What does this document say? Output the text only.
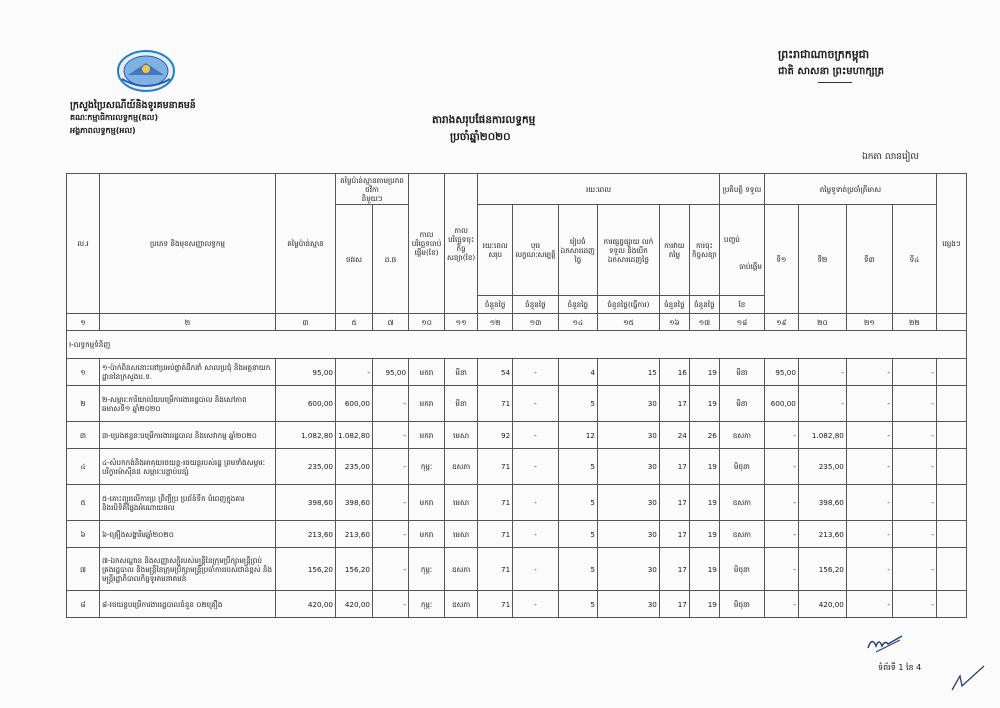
ក្រសួងប្រៃសណីយ៍និងទូរគមនាគមន៍
គណៈកម្មាធិការលទ្ធកម្ម(គល)
អង្គភាពលទ្ធកម្ម(អល)
ព្រះរាជាណាចក្រកម្ពុជា
ជាតិ សាសនា ព្រះមហាក្សត្រ
តារាងសរុបផែនការលទ្ធកម្ម
ប្រចាំឆ្នាំ២០២០
ឯកតា លានរៀល
ល.រ	ប្រភេទ និងមុខសញ្ញាលទ្ធកម្ម	តម្លៃប៉ាន់ស្មាន	តម្លៃប៉ាន់ស្មានតាមប្រភពថវិកា
និមួយៗ		កាលបរិច្ឆេទចាប់ផ្តើម(ខែ)	កាលបរិច្ឆេទចុះកិច្ចសន្យា(ខែ)	រយៈពេល						ប្រតិបត្តិ ទទួល	តម្លៃទូទាត់ប្រចាំត្រីមាស				ផ្សេងៗ
			ថវរស	ដ.ផ			រយៈពេលសរុប	បុរេលក្ខណៈសម្បត្តិ	រៀបចំឯកសារដេញថ្លៃ	ការផ្សព្វផ្សាយ លក់ ទទួល និងបើកឯកសារដេញថ្លៃ	ការវាយតម្លៃ	ការចុះកិច្ចសន្យា	ចាប់ផ្តើម
បញ្ចប់	ទី១	ទី២	ទី៣	ទី៤	
							ចំនួនថ្ងៃ	ចំនួនថ្ងៃ	ចំនួនថ្ងៃ	ចំនួនថ្ងៃ(ធ្វើការ)	ចំនួនថ្ងៃ	ចំនួនថ្ងៃ	ខែ					
១	២	៣	៥	៧	១០	១១	១២	១៣	១៤	១៥	១៦	១៧	១៨	១៩	២០	២១	២២	
I-លទ្ធកម្មទំនិញ																		
១	១-ប៉ាក់ពិនសនោះនៅប្រអប់ផ្ទាត់ដឹកនាំ សាលប្រជុំ និងអគ្គនាយកដ្ឋាននៃក្រសួងប.ទ.	95,00	-	95,00	មករា	មីនា	54	-	4	15	16	19	មីនា	95,00	-	-	-	
២	២-សម្ភារៈការិយាល័យបម្រើការងាររដ្ឋបាល និងសៅភាព ឆមាសទី១ ឆ្នាំ២០២០	600,00	600,00	-	មករា	មីនា	71	-	5	30	17	19	មីនា	600,00	-	-	-	
៣	៣-ប្រេងឥន្ធនៈបម្រើការងាររដ្ឋបាល និងសេវាកម្ម ឆ្នាំ២០២០	1.082,80	1.082,80	-	មករា	មេសា	92	-	12	30	24	26	ឧសភា	-	1.082,80	-	-	
៤	៤-សំបកកង់និងអាគុយរថយន្ត-រថយន្តរបស់រដ្ឋ ព្រមទាំងសម្ភារៈបរិក្ខារម៉ាស៊ីនដ សម្ភារៈបន្ទាប់បន្សំ	235,00	235,00	-	កុម្ភៈ	ឧសភា	71	-	5	30	17	19	មិថុនា	-	235,00	-	-	
៥	៥-គោះព្យួរលើការប្រ ព្រីញ្ជីប្រ ប្រព័ន៍ទឹក បំពេញក្នុងគារ និងរបិទិគីផ្នែងអំណោយផល	398,60	398,60	-	មករា	មេសា	71	-	5	30	17	19	ឧសភា	-	398,60	-	-	
៦	៦-គ្រឿងសង្ហារឹមឆ្នាំ២០២០	213,60	213,60	-	មករា	មេសា	71	-	5	30	17	19	ឧសភា	-	213,60	-	-	
៧	៧-ឯកសណ្ឋាន និងសញ្ញាសក្តិរបស់មន្ត្រីនៃក្រុមប្រឹក្សាមន្ត្រីព្រប់គ្រងរដ្ឋបាល និងមន្ត្រីនៃក្រុមប្រឹក្សាមន្ត្រីប្រចាំការរបស់ជាន់ខ្ពស់ និងមន្ត្រីរដ្ឋាភិបាលកិច្ចទូរគមនាគមន៍	156,20	156,20	-	កុម្ភៈ	ឧសភា	71	-	5	30	17	19	មិថុនា	-	156,20	-	-	
៨	៨-រថយន្តបម្រើការងាររដ្ឋបាលចំនួន ០២គ្រឿង	420,00	420,00	-	កុម្ភៈ	ឧសភា	71	-	5	30	17	19	មិថុនា	-	420,00	-	-	
ទំព័រទី 1 នៃ 4
